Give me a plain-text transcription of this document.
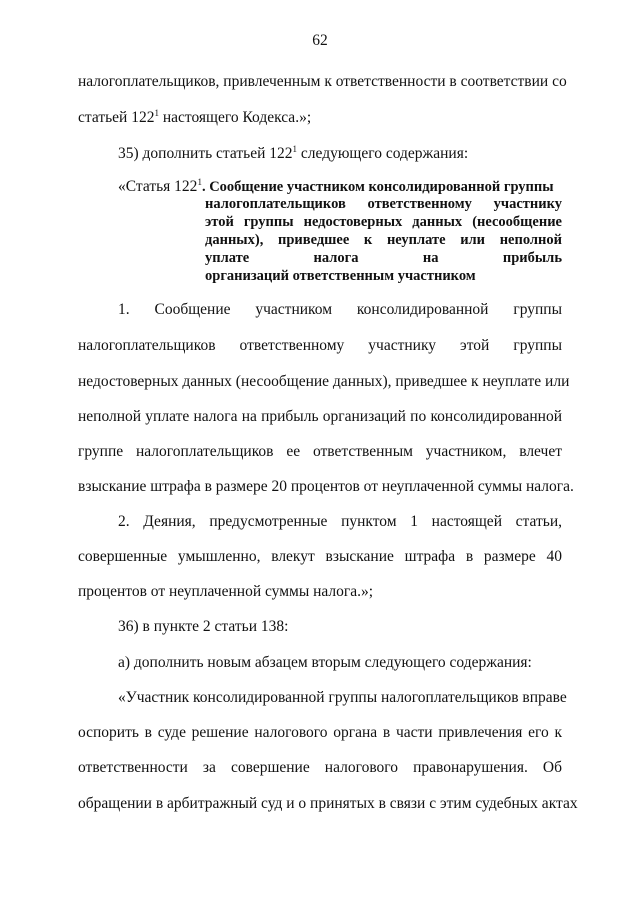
62
налогоплательщиков, привлеченным к ответственности в соответствии со
статьей $122^1$ настоящего Кодекса.»;
35) дополнить статьей $122^1$ следующего содержания:
«Статья $122^1$. Сообщение участником консолидированной группы
налогоплательщиков ответственному участнику
этой группы недостоверных данных (несообщение
данных), приведшее к неуплате или неполной
уплате налога на прибыль
организаций ответственным участником
1. Сообщение участником консолидированной группы
налогоплательщиков ответственному участнику этой группы
недостоверных данных (несообщение данных), приведшее к неуплате или
неполной уплате налога на прибыль организаций по консолидированной
группе налогоплательщиков ее ответственным участником, влечет
взыскание штрафа в размере 20 процентов от неуплаченной суммы налога.
2. Деяния, предусмотренные пунктом 1 настоящей статьи,
совершенные умышленно, влекут взыскание штрафа в размере 40
процентов от неуплаченной суммы налога.»;
36) в пункте 2 статьи 138:
а) дополнить новым абзацем вторым следующего содержания:
«Участник консолидированной группы налогоплательщиков вправе
оспорить в суде решение налогового органа в части привлечения его к
ответственности за совершение налогового правонарушения. Об
обращении в арбитражный суд и о принятых в связи с этим судебных актах
